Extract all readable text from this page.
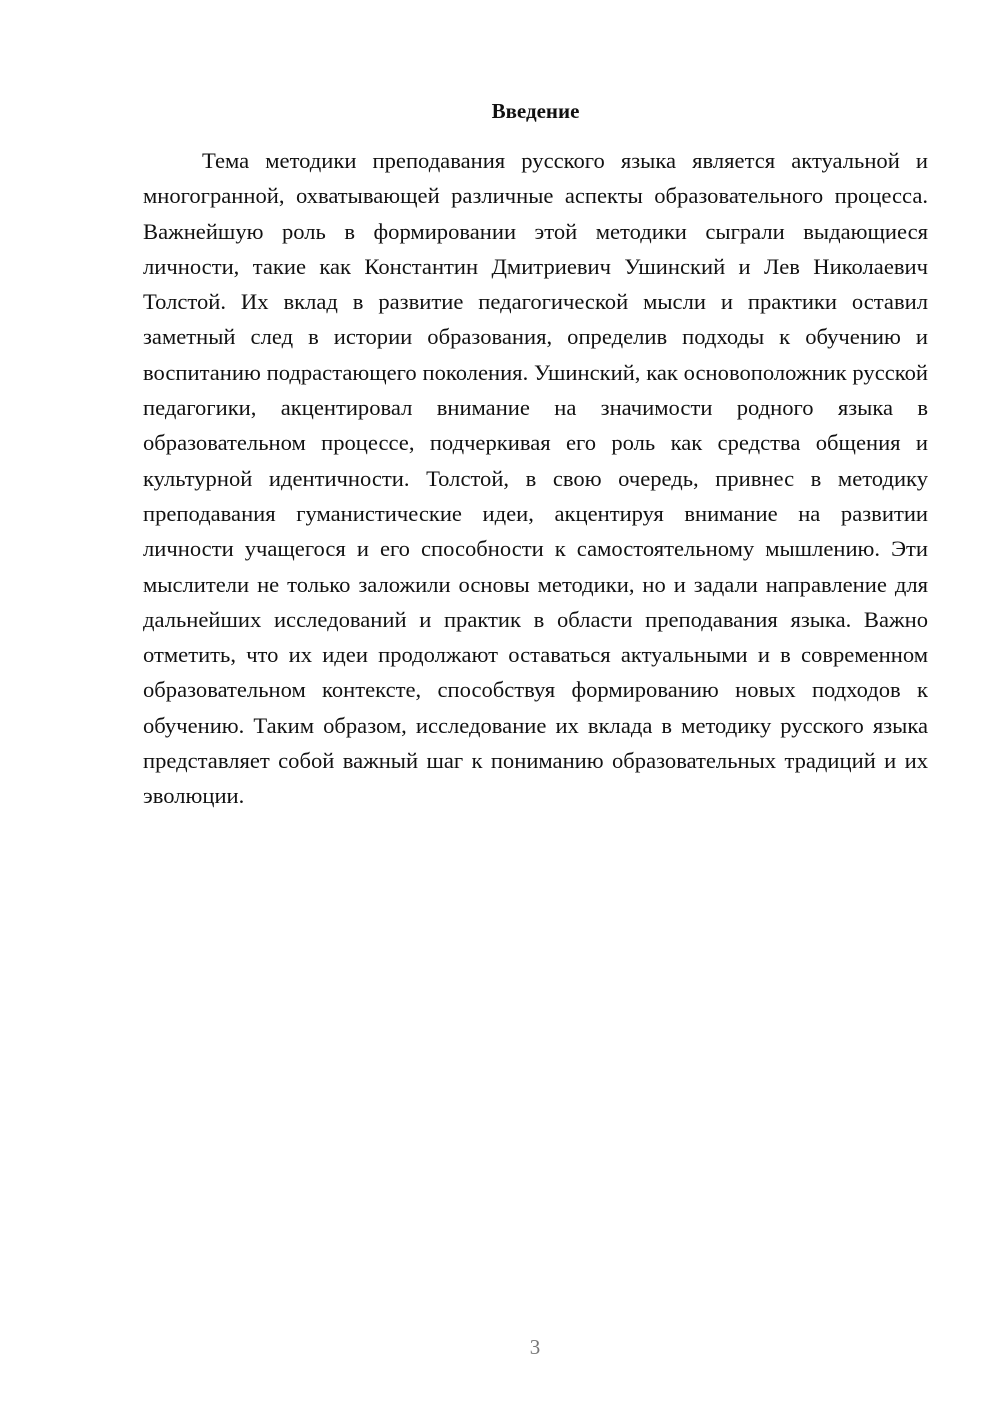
Введение

Тема методики преподавания русского языка является актуальной и многогранной, охватывающей различные аспекты образовательного процесса. Важнейшую роль в формировании этой методики сыграли выдающиеся личности, такие как Константин Дмитриевич Ушинский и Лев Николаевич Толстой. Их вклад в развитие педагогической мысли и практики оставил заметный след в истории образования, определив подходы к обучению и воспитанию подрастающего поколения. Ушинский, как основоположник русской педагогики, акцентировал внимание на значимости родного языка в образовательном процессе, подчеркивая его роль как средства общения и культурной идентичности. Толстой, в свою очередь, привнес в методику преподавания гуманистические идеи, акцентируя внимание на развитии личности учащегося и его способности к самостоятельному мышлению. Эти мыслители не только заложили основы методики, но и задали направление для дальнейших исследований и практик в области преподавания языка. Важно отметить, что их идеи продолжают оставаться актуальными и в современном образовательном контексте, способствуя формированию новых подходов к обучению. Таким образом, исследование их вклада в методику русского языка представляет собой важный шаг к пониманию образовательных традиций и их эволюции.

3
